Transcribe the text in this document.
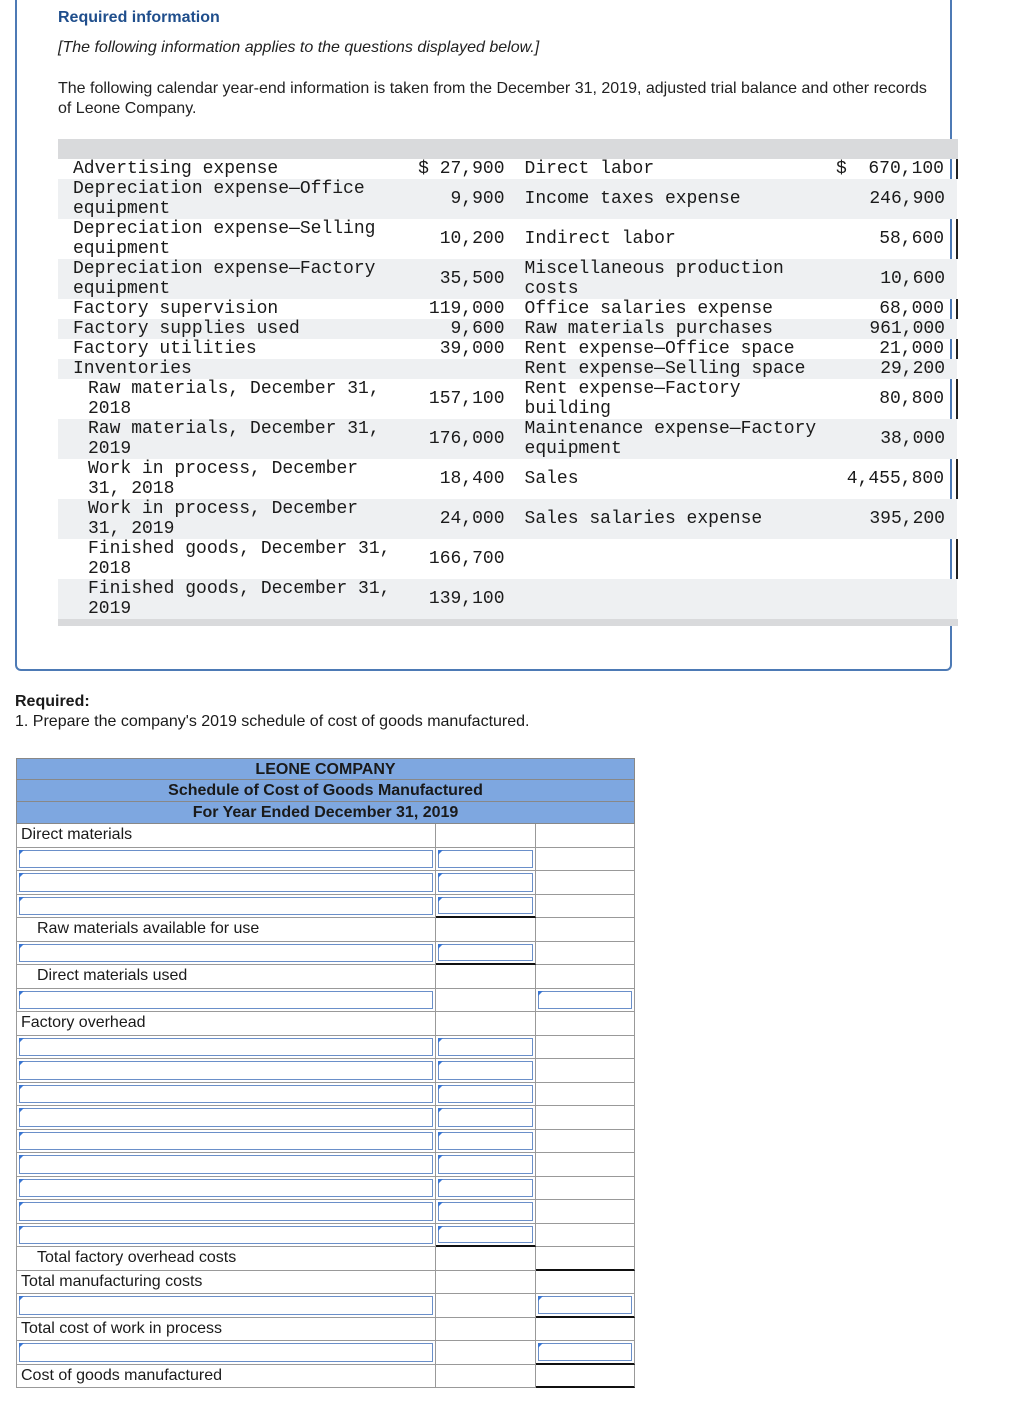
Required information
[The following information applies to the questions displayed below.]
The following calendar year-end information is taken from the December 31, 2019, adjusted trial balance and other records of Leone Company.
Advertising expense	$ 27,900	Direct labor	$  670,100
Depreciation expense—Office equipment	9,900	Income taxes expense	246,900
Depreciation expense—Selling equipment	10,200	Indirect labor	58,600
Depreciation expense—Factory equipment	35,500	Miscellaneous production costs	10,600
Factory supervision	119,000	Office salaries expense	68,000
Factory supplies used	9,600	Raw materials purchases	961,000
Factory utilities	39,000	Rent expense—Office space	21,000
Inventories		Rent expense—Selling space	29,200
Raw materials, December 31, 2018	157,100	Rent expense—Factory building	80,800
Raw materials, December 31, 2019	176,000	Maintenance expense—Factory equipment	38,000
Work in process, December 31, 2018	18,400	Sales	4,455,800
Work in process, December 31, 2019	24,000	Sales salaries expense	395,200
Finished goods, December 31, 2018	166,700		
Finished goods, December 31, 2019	139,100		
Required:
1. Prepare the company's 2019 schedule of cost of goods manufactured.
LEONE COMPANY
Schedule of Cost of Goods Manufactured
For Year Ended December 31, 2019
Direct materials
Raw materials available for use
Direct materials used
Factory overhead
Total factory overhead costs
Total manufacturing costs
Total cost of work in process
Cost of goods manufactured
